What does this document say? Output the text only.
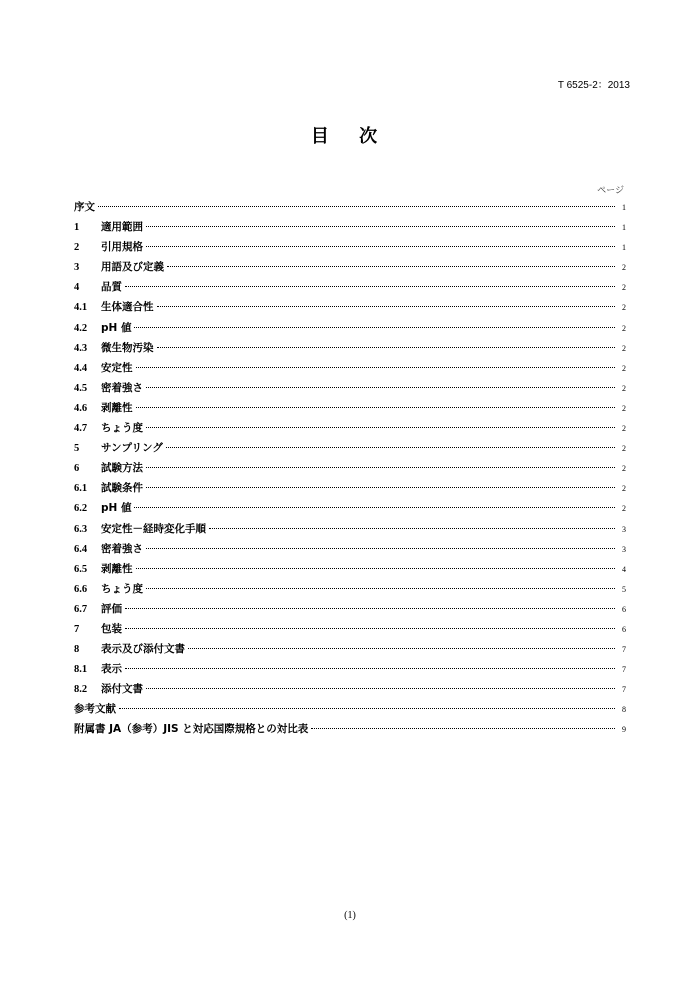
T 6525-2：2013
目 次
ページ
序文	1
1	適用範囲	1
2	引用規格	1
3	用語及び定義	2
4	品質	2
4.1	生体適合性	2
4.2	pH 値	2
4.3	微生物汚染	2
4.4	安定性	2
4.5	密着強さ	2
4.6	剥離性	2
4.7	ちょう度	2
5	サンプリング	2
6	試験方法	2
6.1	試験条件	2
6.2	pH 値	2
6.3	安定性－経時変化手順	3
6.4	密着強さ	3
6.5	剥離性	4
6.6	ちょう度	5
6.7	評価	6
7	包装	6
8	表示及び添付文書	7
8.1	表示	7
8.2	添付文書	7
参考文献	8
附属書 JA（参考）JIS と対応国際規格との対比表	9
(1)
